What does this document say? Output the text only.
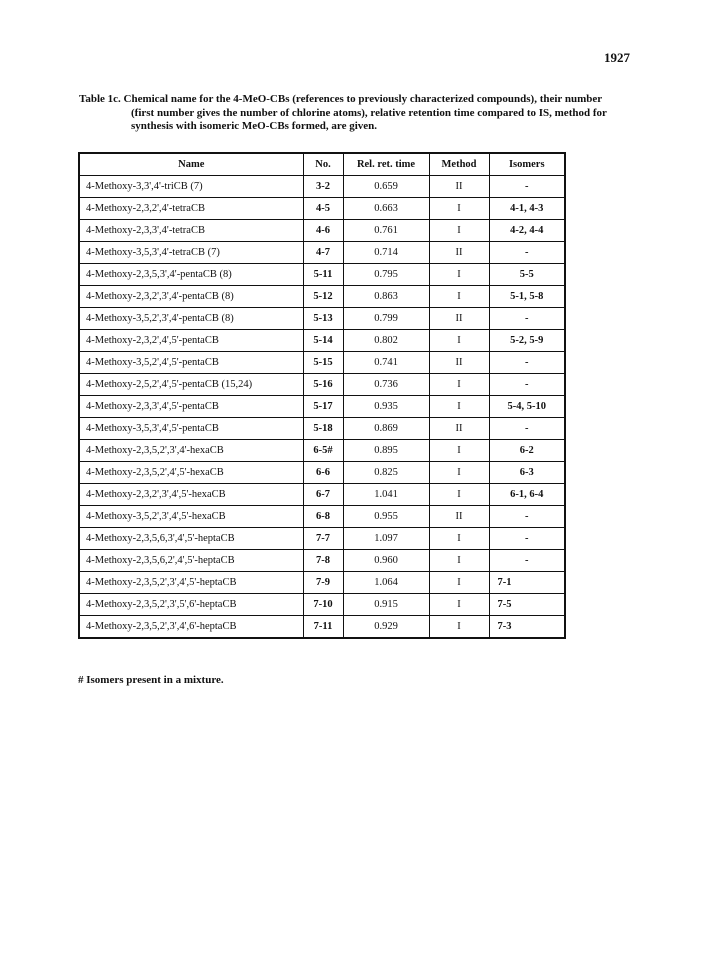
1927
Table 1c. Chemical name for the 4-MeO-CBs (references to previously characterized compounds), their number
(first number gives the number of chlorine atoms), relative retention time compared to IS, method for
synthesis with isomeric MeO-CBs formed, are given.
Name	No.	Rel. ret. time	Method	Isomers
4-Methoxy-3,3',4'-triCB (7)	3-2	0.659	II	-
4-Methoxy-2,3,2',4'-tetraCB	4-5	0.663	I	4-1, 4-3
4-Methoxy-2,3,3',4'-tetraCB	4-6	0.761	I	4-2, 4-4
4-Methoxy-3,5,3',4'-tetraCB (7)	4-7	0.714	II	-
4-Methoxy-2,3,5,3',4'-pentaCB (8)	5-11	0.795	I	5-5
4-Methoxy-2,3,2',3',4'-pentaCB (8)	5-12	0.863	I	5-1, 5-8
4-Methoxy-3,5,2',3',4'-pentaCB (8)	5-13	0.799	II	-
4-Methoxy-2,3,2',4',5'-pentaCB	5-14	0.802	I	5-2, 5-9
4-Methoxy-3,5,2',4',5'-pentaCB	5-15	0.741	II	-
4-Methoxy-2,5,2',4',5'-pentaCB (15,24)	5-16	0.736	I	-
4-Methoxy-2,3,3',4',5'-pentaCB	5-17	0.935	I	5-4, 5-10
4-Methoxy-3,5,3',4',5'-pentaCB	5-18	0.869	II	-
4-Methoxy-2,3,5,2',3',4'-hexaCB	6-5#	0.895	I	6-2
4-Methoxy-2,3,5,2',4',5'-hexaCB	6-6	0.825	I	6-3
4-Methoxy-2,3,2',3',4',5'-hexaCB	6-7	1.041	I	6-1, 6-4
4-Methoxy-3,5,2',3',4',5'-hexaCB	6-8	0.955	II	-
4-Methoxy-2,3,5,6,3',4',5'-heptaCB	7-7	1.097	I	-
4-Methoxy-2,3,5,6,2',4',5'-heptaCB	7-8	0.960	I	-
4-Methoxy-2,3,5,2',3',4',5'-heptaCB	7-9	1.064	I	7-1
4-Methoxy-2,3,5,2',3',5',6'-heptaCB	7-10	0.915	I	7-5
4-Methoxy-2,3,5,2',3',4',6'-heptaCB	7-11	0.929	I	7-3
# Isomers present in a mixture.
